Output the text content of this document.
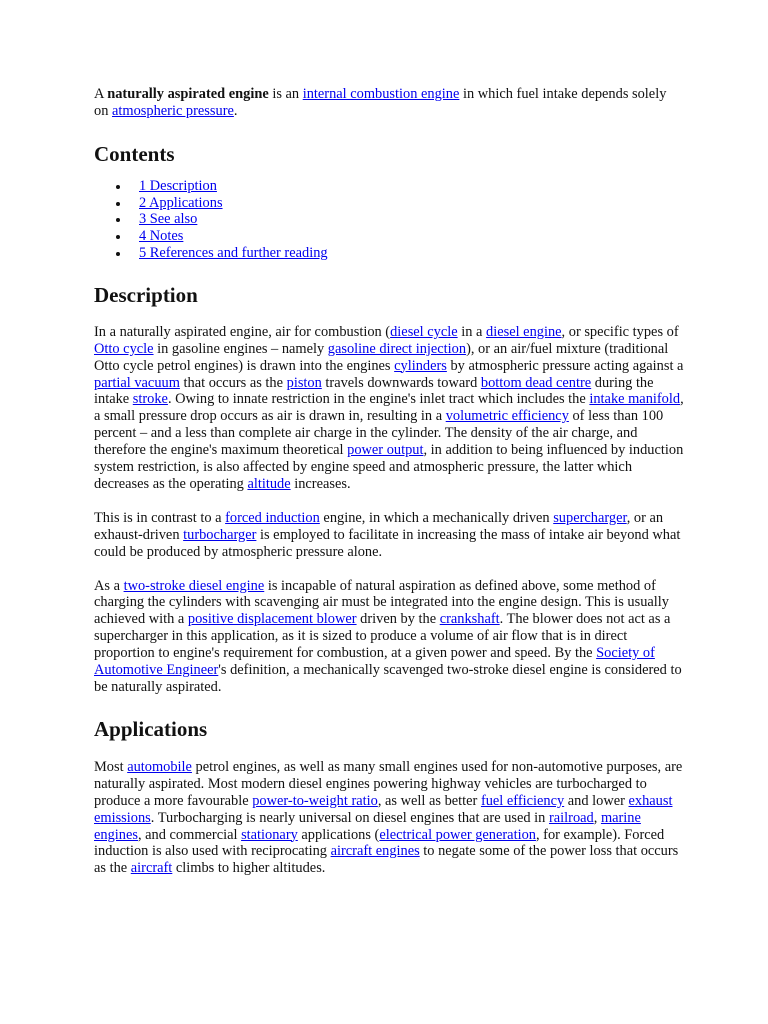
A naturally aspirated engine is an internal combustion engine in which fuel intake depends solely on atmospheric pressure.

Contents
1 Description
2 Applications
3 See also
4 Notes
5 References and further reading
Description

In a naturally aspirated engine, air for combustion (diesel cycle in a diesel engine, or specific types of Otto cycle in gasoline engines – namely gasoline direct injection), or an air/fuel mixture (traditional Otto cycle petrol engines) is drawn into the engines cylinders by atmospheric pressure acting against a partial vacuum that occurs as the piston travels downwards toward bottom dead centre during the intake stroke. Owing to innate restriction in the engine's inlet tract which includes the intake manifold, a small pressure drop occurs as air is drawn in, resulting in a volumetric efficiency of less than 100 percent – and a less than complete air charge in the cylinder. The density of the air charge, and therefore the engine's maximum theoretical power output, in addition to being influenced by induction system restriction, is also affected by engine speed and atmospheric pressure, the latter which decreases as the operating altitude increases.

This is in contrast to a forced induction engine, in which a mechanically driven supercharger, or an exhaust-driven turbocharger is employed to facilitate in increasing the mass of intake air beyond what could be produced by atmospheric pressure alone.

As a two-stroke diesel engine is incapable of natural aspiration as defined above, some method of charging the cylinders with scavenging air must be integrated into the engine design. This is usually achieved with a positive displacement blower driven by the crankshaft. The blower does not act as a supercharger in this application, as it is sized to produce a volume of air flow that is in direct proportion to engine's requirement for combustion, at a given power and speed. By the Society of Automotive Engineer's definition, a mechanically scavenged two-stroke diesel engine is considered to be naturally aspirated.

Applications

Most automobile petrol engines, as well as many small engines used for non-automotive purposes, are naturally aspirated. Most modern diesel engines powering highway vehicles are turbocharged to produce a more favourable power-to-weight ratio, as well as better fuel efficiency and lower exhaust emissions. Turbocharging is nearly universal on diesel engines that are used in railroad, marine engines, and commercial stationary applications (electrical power generation, for example). Forced induction is also used with reciprocating aircraft engines to negate some of the power loss that occurs as the aircraft climbs to higher altitudes.
